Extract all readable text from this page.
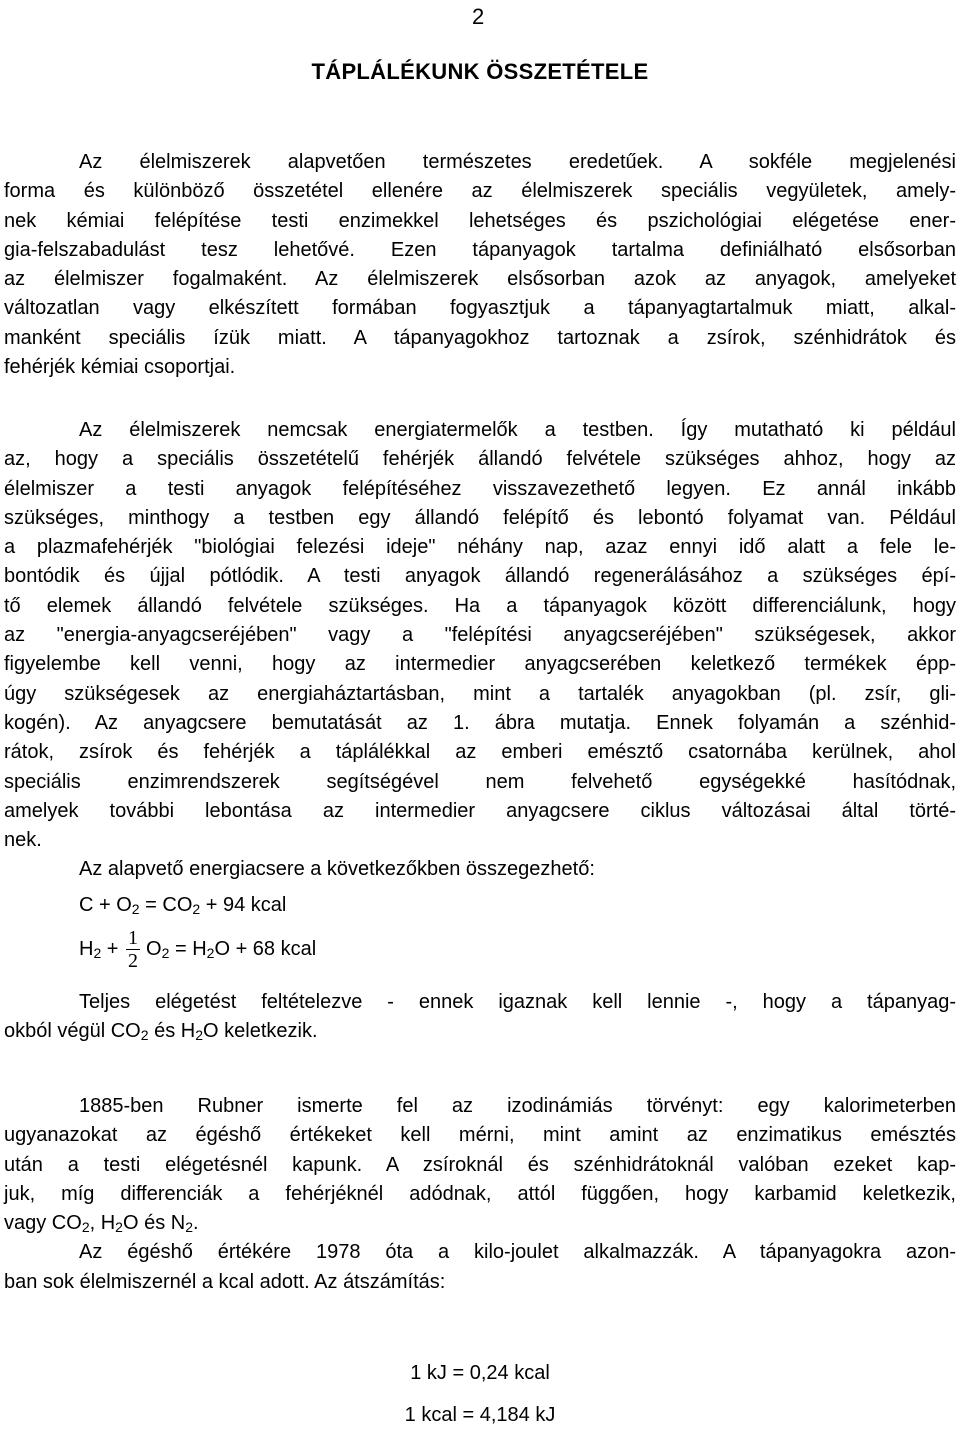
2
TÁPLÁLÉKUNK ÖSSZETÉTELE
Az élelmiszerek alapvetően természetes eredetűek. A sokféle megjelenési
forma és különböző összetétel ellenére az élelmiszerek speciális vegyületek, amely-
nek kémiai felépítése testi enzimekkel lehetséges és pszichológiai elégetése ener-
gia-felszabadulást tesz lehetővé. Ezen tápanyagok tartalma definiálható elsősorban
az élelmiszer fogalmaként. Az élelmiszerek elsősorban azok az anyagok, amelyeket
változatlan vagy elkészített formában fogyasztjuk a tápanyagtartalmuk miatt, alkal-
manként speciális ízük miatt. A tápanyagokhoz tartoznak a zsírok, szénhidrátok és
fehérjék kémiai csoportjai.
Az élelmiszerek nemcsak energiatermelők a testben. Így mutatható ki például
az, hogy a speciális összetételű fehérjék állandó felvétele szükséges ahhoz, hogy az
élelmiszer a testi anyagok felépítéséhez visszavezethető legyen. Ez annál inkább
szükséges, minthogy a testben egy állandó felépítő és lebontó folyamat van. Például
a plazmafehérjék "biológiai felezési ideje" néhány nap, azaz ennyi idő alatt a fele le-
bontódik és újjal pótlódik. A testi anyagok állandó regenerálásához a szükséges épí-
tő elemek állandó felvétele szükséges. Ha a tápanyagok között differenciálunk, hogy
az "energia-anyagcseréjében" vagy a "felépítési anyagcseréjében" szükségesek, akkor
figyelembe kell venni, hogy az intermedier anyagcserében keletkező termékek épp-
úgy szükségesek az energiaháztartásban, mint a tartalék anyagokban (pl. zsír, gli-
kogén). Az anyagcsere bemutatását az 1. ábra mutatja. Ennek folyamán a szénhid-
rátok, zsírok és fehérjék a táplálékkal az emberi emésztő csatornába kerülnek, ahol
speciális enzimrendszerek segítségével nem felvehető egységekké hasítódnak,
amelyek további lebontása az intermedier anyagcsere ciklus változásai által törté-
nek.
Az alapvető energiacsere a következőkben összegezhető:
$C + O_2 = CO_2 + 94$ kcal
$H_2 + \frac{1}{2} O_2 = H_2O + 68$ kcal
Teljes elégetést feltételezve - ennek igaznak kell lennie -, hogy a tápanyag-
okból végül $CO_2$ és $H_2O$ keletkezik.
1885-ben Rubner ismerte fel az izodinámiás törvényt: egy kalorimeterben
ugyanazokat az égéshő értékeket kell mérni, mint amint az enzimatikus emésztés
után a testi elégetésnél kapunk. A zsíroknál és szénhidrátoknál valóban ezeket kap-
juk, míg differenciák a fehérjéknél adódnak, attól függően, hogy karbamid keletkezik,
vagy $CO_2$, $H_2O$ és $N_2$.
Az égéshő értékére 1978 óta a kilo-joulet alkalmazzák. A tápanyagokra azon-
ban sok élelmiszernél a kcal adott. Az átszámítás:
1 kJ = 0,24 kcal
1 kcal = 4,184 kJ
